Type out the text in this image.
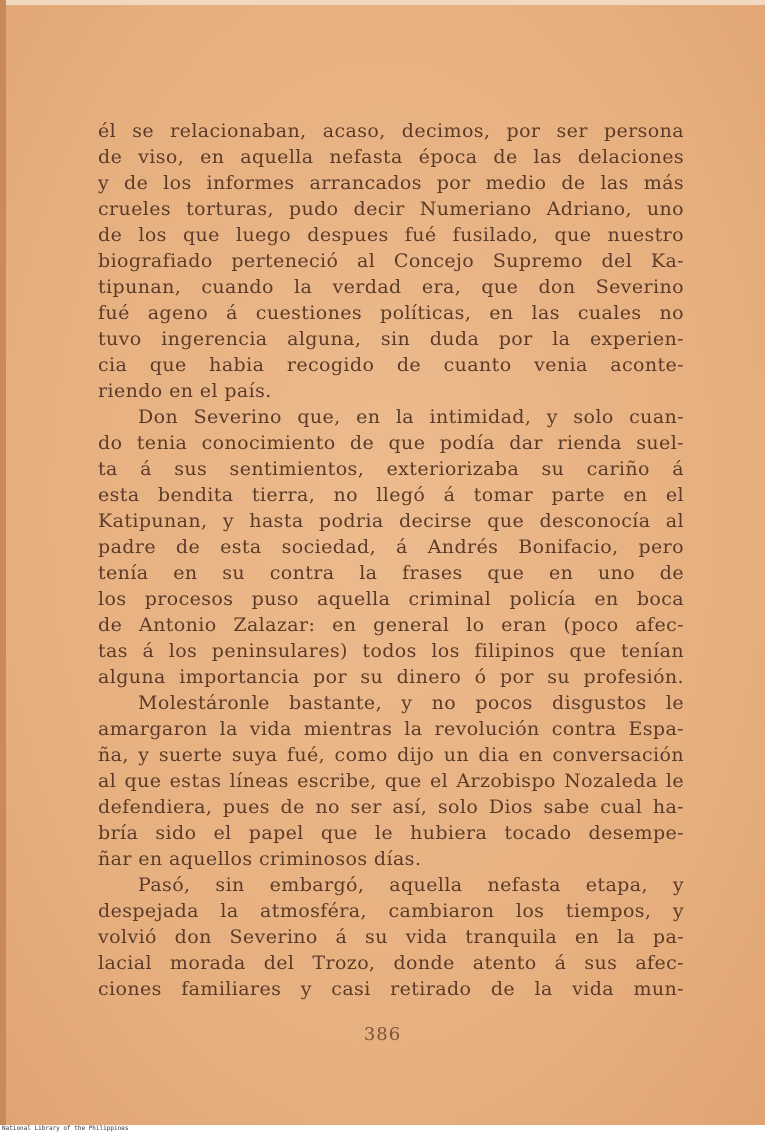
él se relacionaban, acaso, decimos, por ser persona
de viso, en aquella nefasta época de las delaciones
y de los informes arrancados por medio de las más
crueles torturas, pudo decir Numeriano Adriano, uno
de los que luego despues fué fusilado, que nuestro
biografiado perteneció al Concejo Supremo del Ka-
tipunan, cuando la verdad era, que don Severino
fué ageno á cuestiones políticas, en las cuales no
tuvo ingerencia alguna, sin duda por la experien-
cia que habia recogido de cuanto venia aconte-
riendo en el país.
Don Severino que, en la intimidad, y solo cuan-
do tenia conocimiento de que podía dar rienda suel-
ta á sus sentimientos, exteriorizaba su cariño á
esta bendita tierra, no llegó á tomar parte en el
Katipunan, y hasta podria decirse que desconocía al
padre de esta sociedad, á Andrés Bonifacio, pero
tenía en su contra la frases que en uno de
los procesos puso aquella criminal policía en boca
de Antonio Zalazar: en general lo eran (poco afec-
tas á los peninsulares) todos los filipinos que tenían
alguna importancia por su dinero ó por su profesión.
Molestáronle bastante, y no pocos disgustos le
amargaron la vida mientras la revolución contra Espa-
ña, y suerte suya fué, como dijo un dia en conversación
al que estas líneas escribe, que el Arzobispo Nozaleda le
defendiera, pues de no ser así, solo Dios sabe cual ha-
bría sido el papel que le hubiera tocado desempe-
ñar en aquellos criminosos días.
Pasó, sin embargó, aquella nefasta etapa, y
despejada la atmosféra, cambiaron los tiempos, y
volvió don Severino á su vida tranquila en la pa-
lacial morada del Trozo, donde atento á sus afec-
ciones familiares y casi retirado de la vida mun-
386
National Library of the Philippines
